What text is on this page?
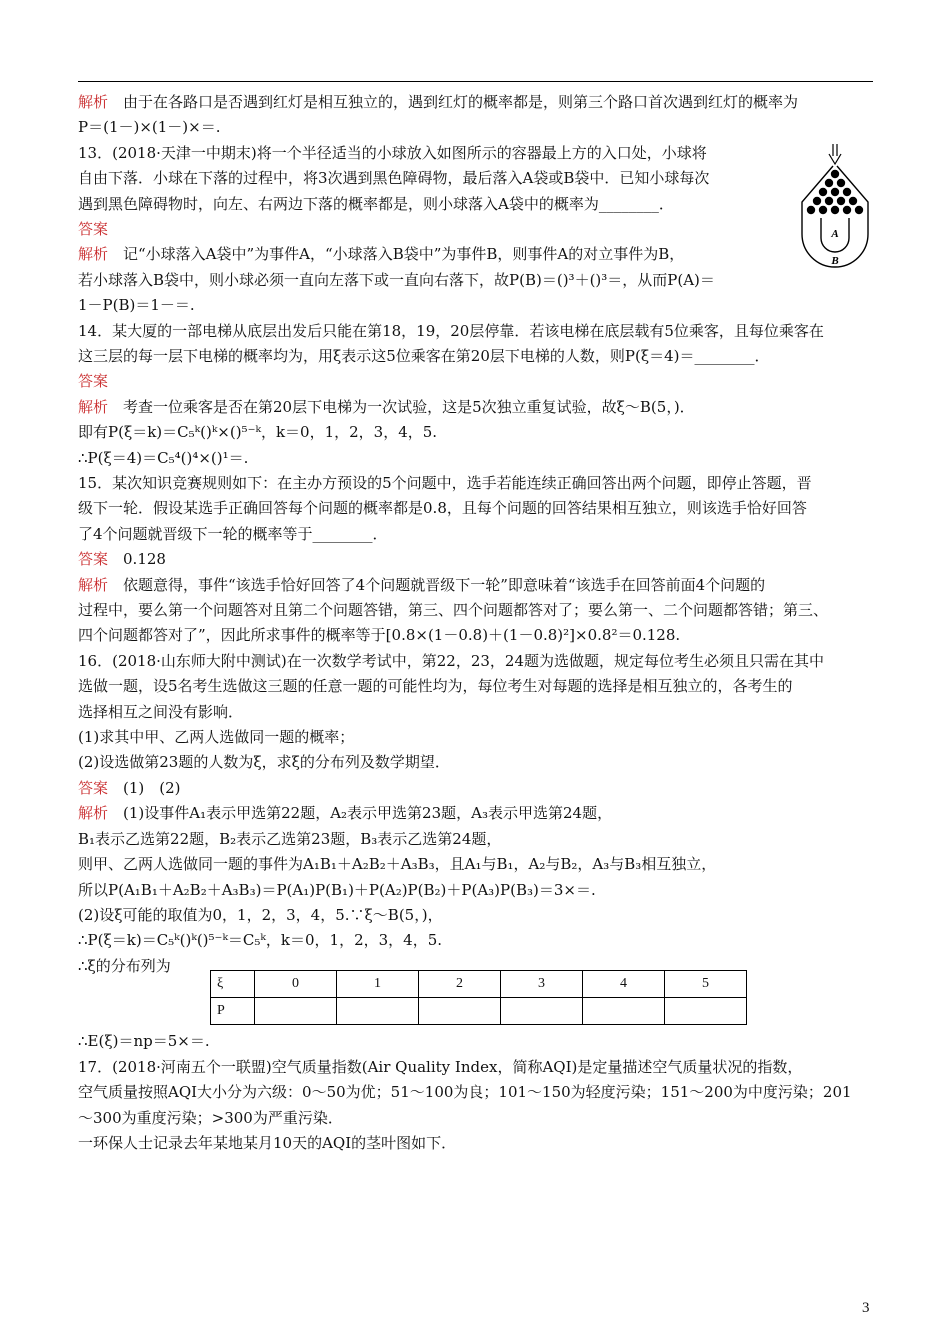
解析　由于在各路口是否遇到红灯是相互独立的，遇到红灯的概率都是，则第三个路口首次遇到红灯的概率为
P＝(1－)×(1－)×＝.
13．(2018·天津一中期末)将一个半径适当的小球放入如图所示的容器最上方的入口处，小球将
自由下落．小球在下落的过程中，将3次遇到黑色障碍物，最后落入A袋或B袋中．已知小球每次
遇到黑色障碍物时，向左、右两边下落的概率都是，则小球落入A袋中的概率为________．
答案
解析　记“小球落入A袋中”为事件A，“小球落入B袋中”为事件B，则事件A的对立事件为B，
若小球落入B袋中，则小球必须一直向左落下或一直向右落下，故P(B)＝()³＋()³＝，从而P(A)＝
1－P(B)＝1－＝.
14．某大厦的一部电梯从底层出发后只能在第18，19，20层停靠．若该电梯在底层载有5位乘客，且每位乘客在
这三层的每一层下电梯的概率均为，用ξ表示这5位乘客在第20层下电梯的人数，则P(ξ＝4)＝________．
答案
解析　考查一位乘客是否在第20层下电梯为一次试验，这是5次独立重复试验，故ξ～B(5，)．
即有P(ξ＝k)＝C₅ᵏ()ᵏ×()⁵⁻ᵏ，k＝0，1，2，3，4，5.
∴P(ξ＝4)＝C₅⁴()⁴×()¹＝.
15．某次知识竞赛规则如下：在主办方预设的5个问题中，选手若能连续正确回答出两个问题，即停止答题，晋
级下一轮．假设某选手正确回答每个问题的概率都是0.8，且每个问题的回答结果相互独立，则该选手恰好回答
了4个问题就晋级下一轮的概率等于________．
答案　0.128
解析　依题意得，事件“该选手恰好回答了4个问题就晋级下一轮”即意味着“该选手在回答前面4个问题的
过程中，要么第一个问题答对且第二个问题答错，第三、四个问题都答对了；要么第一、二个问题都答错；第三、
四个问题都答对了”，因此所求事件的概率等于[0.8×(1－0.8)＋(1－0.8)²]×0.8²＝0.128.
16．(2018·山东师大附中测试)在一次数学考试中，第22，23，24题为选做题，规定每位考生必须且只需在其中
选做一题，设5名考生选做这三题的任意一题的可能性均为，每位考生对每题的选择是相互独立的，各考生的
选择相互之间没有影响．
(1)求其中甲、乙两人选做同一题的概率；
(2)设选做第23题的人数为ξ，求ξ的分布列及数学期望．
答案　(1)　(2)
解析　(1)设事件A₁表示甲选第22题，A₂表示甲选第23题，A₃表示甲选第24题，
B₁表示乙选第22题，B₂表示乙选第23题，B₃表示乙选第24题，
则甲、乙两人选做同一题的事件为A₁B₁＋A₂B₂＋A₃B₃，且A₁与B₁，A₂与B₂，A₃与B₃相互独立，
所以P(A₁B₁＋A₂B₂＋A₃B₃)＝P(A₁)P(B₁)＋P(A₂)P(B₂)＋P(A₃)P(B₃)＝3×＝.
(2)设ξ可能的取值为0，1，2，3，4，5.∵ξ～B(5，)，
∴P(ξ＝k)＝C₅ᵏ()ᵏ()⁵⁻ᵏ＝C₅ᵏ，k＝0，1，2，3，4，5.
∴ξ的分布列为
∴E(ξ)＝np＝5×＝.
17．(2018·河南五个一联盟)空气质量指数(Air Quality Index，简称AQI)是定量描述空气质量状况的指数，
空气质量按照AQI大小分为六级：0～50为优；51～100为良；101～150为轻度污染；151～200为中度污染；201
～300为重度污染；>300为严重污染．
一环保人士记录去年某地某月10天的AQI的茎叶图如下．
A
B
ξ	0	1	2	3	4	5
P						
3
